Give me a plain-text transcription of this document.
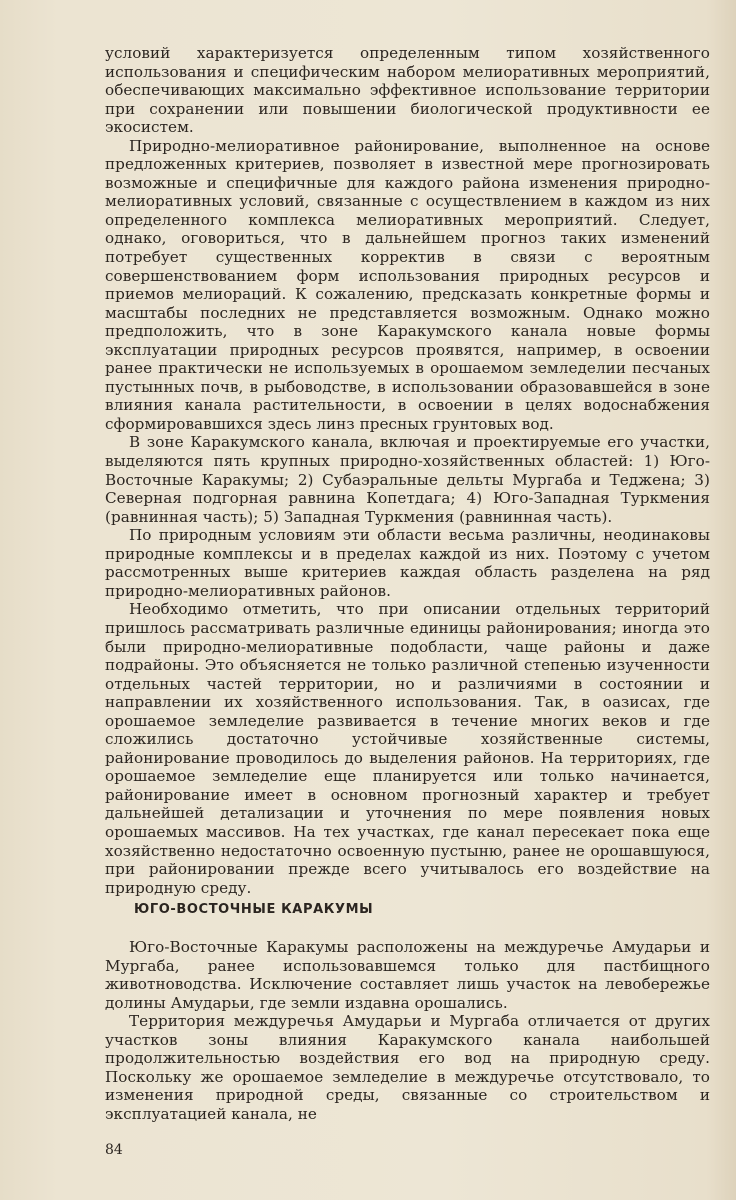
условий характеризуется определенным типом хозяйственного использования и специфическим набором мелиоративных мероприятий, обеспечивающих максимально эффективное использование территории при сохранении или повышении биологической продуктивности ее экосистем.

Природно-мелиоративное районирование, выполненное на основе предложенных критериев, позволяет в известной мере прогнозировать возможные и специфичные для каждого района изменения природно-мелиоративных условий, связанные с осуществлением в каждом из них определенного комплекса мелиоративных мероприятий. Следует, однако, оговориться, что в дальнейшем прогноз таких изменений потребует существенных корректив в связи с вероятным совершенствованием форм использования природных ресурсов и приемов мелиораций. К сожалению, предсказать конкретные формы и масштабы последних не представляется возможным. Однако можно предположить, что в зоне Каракумского канала новые формы эксплуатации природных ресурсов проявятся, например, в освоении ранее практически не используемых в орошаемом земледелии песчаных пустынных почв, в рыбоводстве, в использовании образовавшейся в зоне влияния канала растительности, в освоении в целях водоснабжения сформировавшихся здесь линз пресных грунтовых вод.

В зоне Каракумского канала, включая и проектируемые его участки, выделяются пять крупных природно-хозяйственных областей: 1) Юго-Восточные Каракумы; 2) Субаэральные дельты Мургаба и Теджена; 3) Северная подгорная равнина Копетдага; 4) Юго-Западная Туркмения (равнинная часть); 5) Западная Туркмения (равнинная часть).

По природным условиям эти области весьма различны, неодинаковы природные комплексы и в пределах каждой из них. Поэтому с учетом рассмотренных выше критериев каждая область разделена на ряд природно-мелиоративных районов.

Необходимо отметить, что при описании отдельных территорий пришлось рассматривать различные единицы районирования; иногда это были природно-мелиоративные подобласти, чаще районы и даже подрайоны. Это объясняется не только различной степенью изученности отдельных частей территории, но и различиями в состоянии и направлении их хозяйственного использования. Так, в оазисах, где орошаемое земледелие развивается в течение многих веков и где сложились достаточно устойчивые хозяйственные системы, районирование проводилось до выделения районов. На территориях, где орошаемое земледелие еще планируется или только начинается, районирование имеет в основном прогнозный характер и требует дальнейшей детализации и уточнения по мере появления новых орошаемых массивов. На тех участках, где канал пересекает пока еще хозяйственно недостаточно освоенную пустыню, ранее не орошавшуюся, при районировании прежде всего учитывалось его воздействие на природную среду.

ЮГО-ВОСТОЧНЫЕ КАРАКУМЫ

Юго-Восточные Каракумы расположены на междуречье Амударьи и Мургаба, ранее использовавшемся только для пастбищного животноводства. Исключение составляет лишь участок на левобережье долины Амударьи, где земли издавна орошались.

Территория междуречья Амударьи и Мургаба отличается от других участков зоны влияния Каракумского канала наибольшей продолжительностью воздействия его вод на природную среду. Поскольку же орошаемое земледелие в междуречье отсутствовало, то изменения природной среды, связанные со строительством и эксплуатацией канала, не

84
